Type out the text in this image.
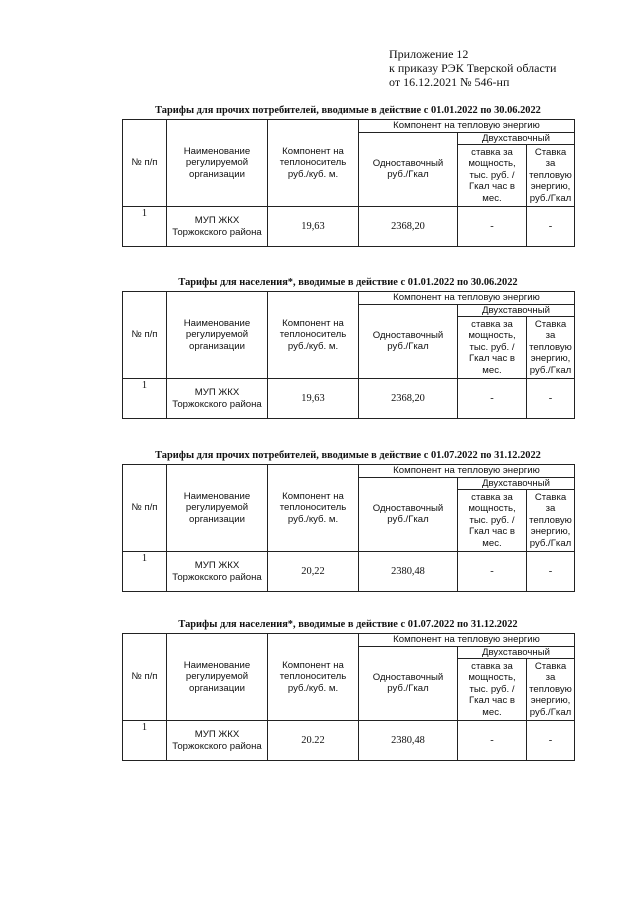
Приложение 12
к приказу РЭК Тверской области
от 16.12.2021 № 546-нп
Тарифы для прочих потребителей, вводимые в действие с 01.01.2022 по 30.06.2022
№ п/п	Наименование регулируемой организации	Компонент на теплоноситель руб./куб. м.	Компонент на тепловую энергию		
			Одноставочный руб./Гкал	Двухставочный	
				ставка за мощность, тыс. руб. /Гкал час в мес.	Ставка за тепловую энергию, руб./Гкал
1	МУП ЖКХ Торжокского района	19,63	2368,20	-	-
Тарифы для населения*, вводимые в действие с 01.01.2022 по 30.06.2022
№ п/п	Наименование регулируемой организации	Компонент на теплоноситель руб./куб. м.	Компонент на тепловую энергию		
			Одноставочный руб./Гкал	Двухставочный	
				ставка за мощность, тыс. руб. /Гкал час в мес.	Ставка за тепловую энергию, руб./Гкал
1	МУП ЖКХ Торжокского района	19,63	2368,20	-	-
Тарифы для прочих потребителей, вводимые в действие с 01.07.2022 по 31.12.2022
№ п/п	Наименование регулируемой организации	Компонент на теплоноситель руб./куб. м.	Компонент на тепловую энергию		
			Одноставочный руб./Гкал	Двухставочный	
				ставка за мощность, тыс. руб. /Гкал час в мес.	Ставка за тепловую энергию, руб./Гкал
1	МУП ЖКХ Торжокского района	20,22	2380,48	-	-
Тарифы для населения*, вводимые в действие с 01.07.2022 по 31.12.2022
№ п/п	Наименование регулируемой организации	Компонент на теплоноситель руб./куб. м.	Компонент на тепловую энергию		
			Одноставочный руб./Гкал	Двухставочный	
				ставка за мощность, тыс. руб. /Гкал час в мес.	Ставка за тепловую энергию, руб./Гкал
1	МУП ЖКХ Торжокского района	20.22	2380,48	-	-
